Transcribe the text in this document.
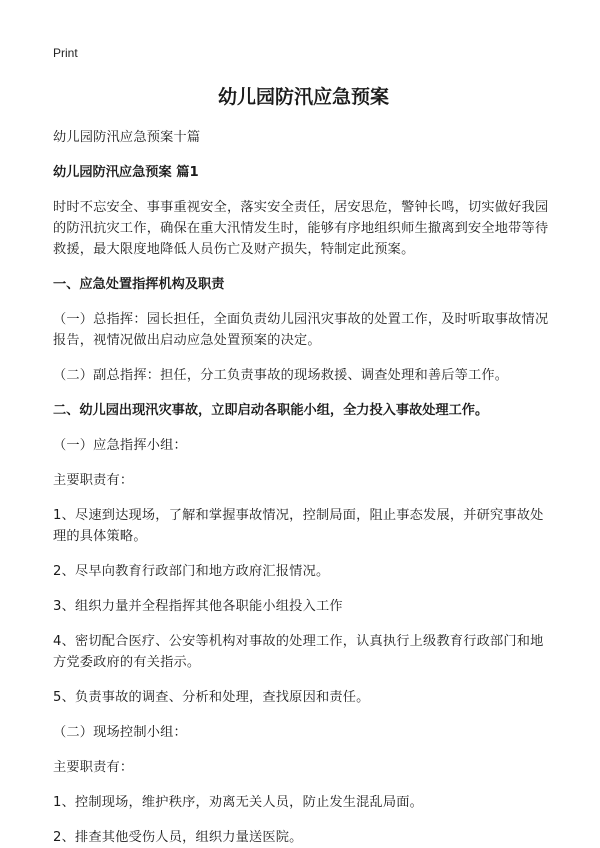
Print
幼儿园防汛应急预案
幼儿园防汛应急预案十篇
幼儿园防汛应急预案 篇1
时时不忘安全、事事重视安全，落实安全责任，居安思危，警钟长鸣，切实做好我园的防汛抗灾工作，确保在重大汛情发生时，能够有序地组织师生撤离到安全地带等待救援，最大限度地降低人员伤亡及财产损失，特制定此预案。
一、应急处置指挥机构及职责
（一）总指挥：园长担任，全面负责幼儿园汛灾事故的处置工作，及时听取事故情况报告，视情况做出启动应急处置预案的决定。
（二）副总指挥：担任，分工负责事故的现场救援、调查处理和善后等工作。
二、幼儿园出现汛灾事故，立即启动各职能小组，全力投入事故处理工作。
（一）应急指挥小组：
主要职责有：
1、尽速到达现场，了解和掌握事故情况，控制局面，阻止事态发展，并研究事故处理的具体策略。
2、尽早向教育行政部门和地方政府汇报情况。
3、组织力量并全程指挥其他各职能小组投入工作
4、密切配合医疗、公安等机构对事故的处理工作，认真执行上级教育行政部门和地方党委政府的有关指示。
5、负责事故的调查、分析和处理，查找原因和责任。
（二）现场控制小组：
主要职责有：
1、控制现场，维护秩序，劝离无关人员，防止发生混乱局面。
2、排查其他受伤人员，组织力量送医院。
